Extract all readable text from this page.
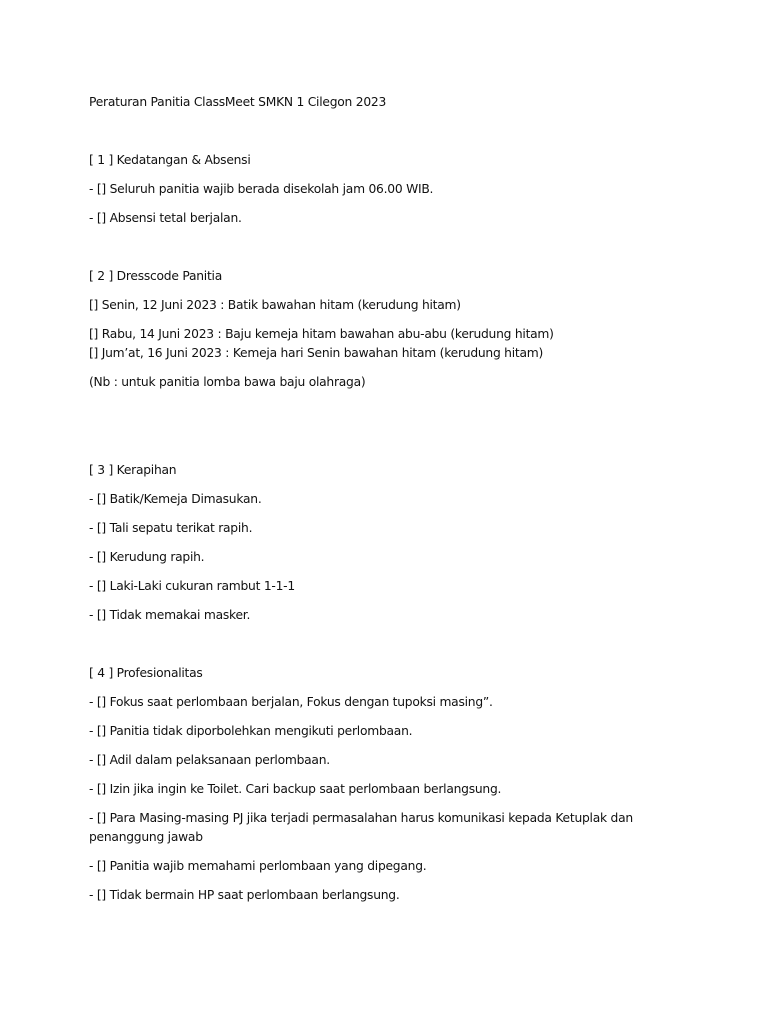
Peraturan Panitia ClassMeet SMKN 1 Cilegon 2023
[ 1 ] Kedatangan & Absensi
- [] Seluruh panitia wajib berada disekolah jam 06.00 WIB.
- [] Absensi tetal berjalan.
[ 2 ] Dresscode Panitia
[] Senin, 12 Juni 2023 : Batik bawahan hitam (kerudung hitam)
[] Rabu, 14 Juni 2023 : Baju kemeja hitam bawahan abu-abu (kerudung hitam)
[] Jum’at, 16 Juni 2023 : Kemeja hari Senin bawahan hitam (kerudung hitam)
(Nb : untuk panitia lomba bawa baju olahraga)
[ 3 ] Kerapihan
- [] Batik/Kemeja Dimasukan.
- [] Tali sepatu terikat rapih.
- [] Kerudung rapih.
- [] Laki-Laki cukuran rambut 1-1-1
- [] Tidak memakai masker.
[ 4 ] Profesionalitas
- [] Fokus saat perlombaan berjalan, Fokus dengan tupoksi masing”.
- [] Panitia tidak diporbolehkan mengikuti perlombaan.
- [] Adil dalam pelaksanaan perlombaan.
- [] Izin jika ingin ke Toilet. Cari backup saat perlombaan berlangsung.
- [] Para Masing-masing PJ jika terjadi permasalahan harus komunikasi kepada Ketuplak dan penanggung jawab
- [] Panitia wajib memahami perlombaan yang dipegang.
- [] Tidak bermain HP saat perlombaan berlangsung.
